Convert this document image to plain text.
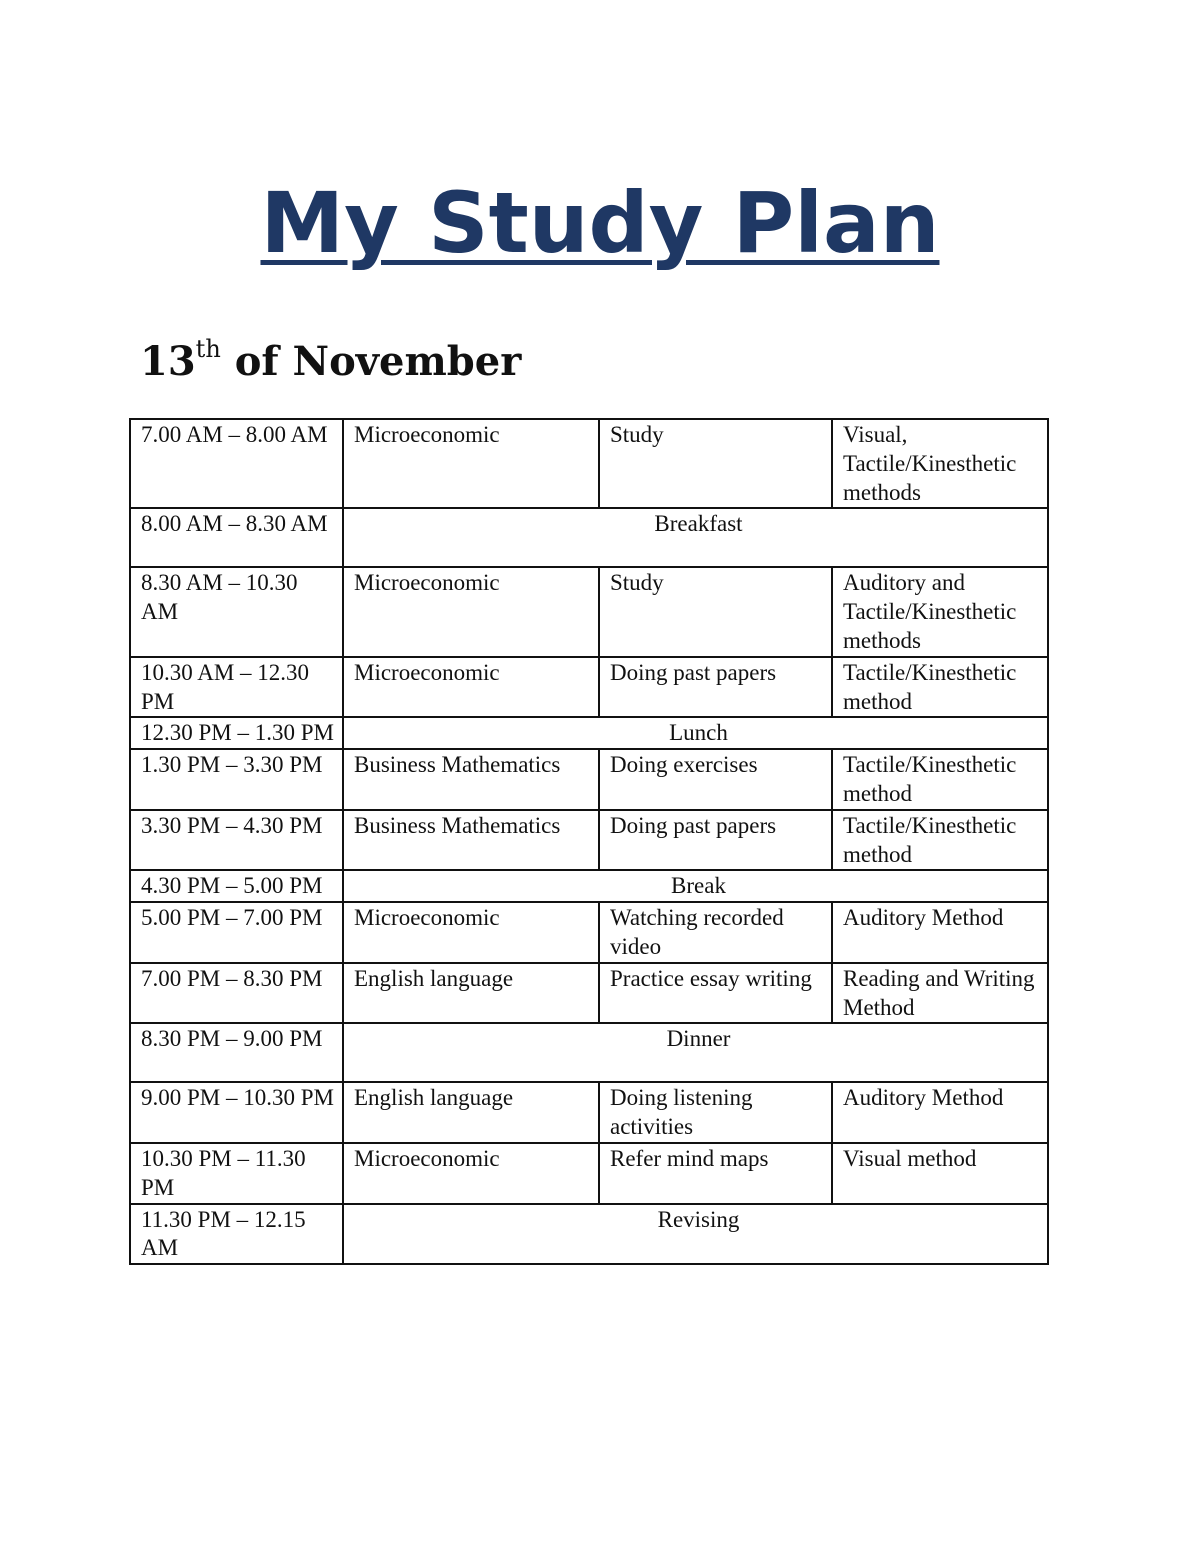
My Study Plan
13th of November
7.00 AM – 8.00 AM	Microeconomic	Study	Visual, Tactile/Kinesthetic methods
8.00 AM – 8.30 AM	Breakfast		
8.30 AM – 10.30 AM	Microeconomic	Study	Auditory and Tactile/Kinesthetic methods
10.30 AM – 12.30 PM	Microeconomic	Doing past papers	Tactile/Kinesthetic method
12.30 PM – 1.30 PM	Lunch		
1.30 PM – 3.30 PM	Business Mathematics	Doing exercises	Tactile/Kinesthetic method
3.30 PM – 4.30 PM	Business Mathematics	Doing past papers	Tactile/Kinesthetic method
4.30 PM – 5.00 PM	Break		
5.00 PM – 7.00 PM	Microeconomic	Watching recorded video	Auditory Method
7.00 PM – 8.30 PM	English language	Practice essay writing	Reading and Writing Method
8.30 PM – 9.00 PM	Dinner		
9.00 PM – 10.30 PM	English language	Doing listening activities	Auditory Method
10.30 PM – 11.30 PM	Microeconomic	Refer mind maps	Visual method
11.30 PM – 12.15 AM	Revising		
